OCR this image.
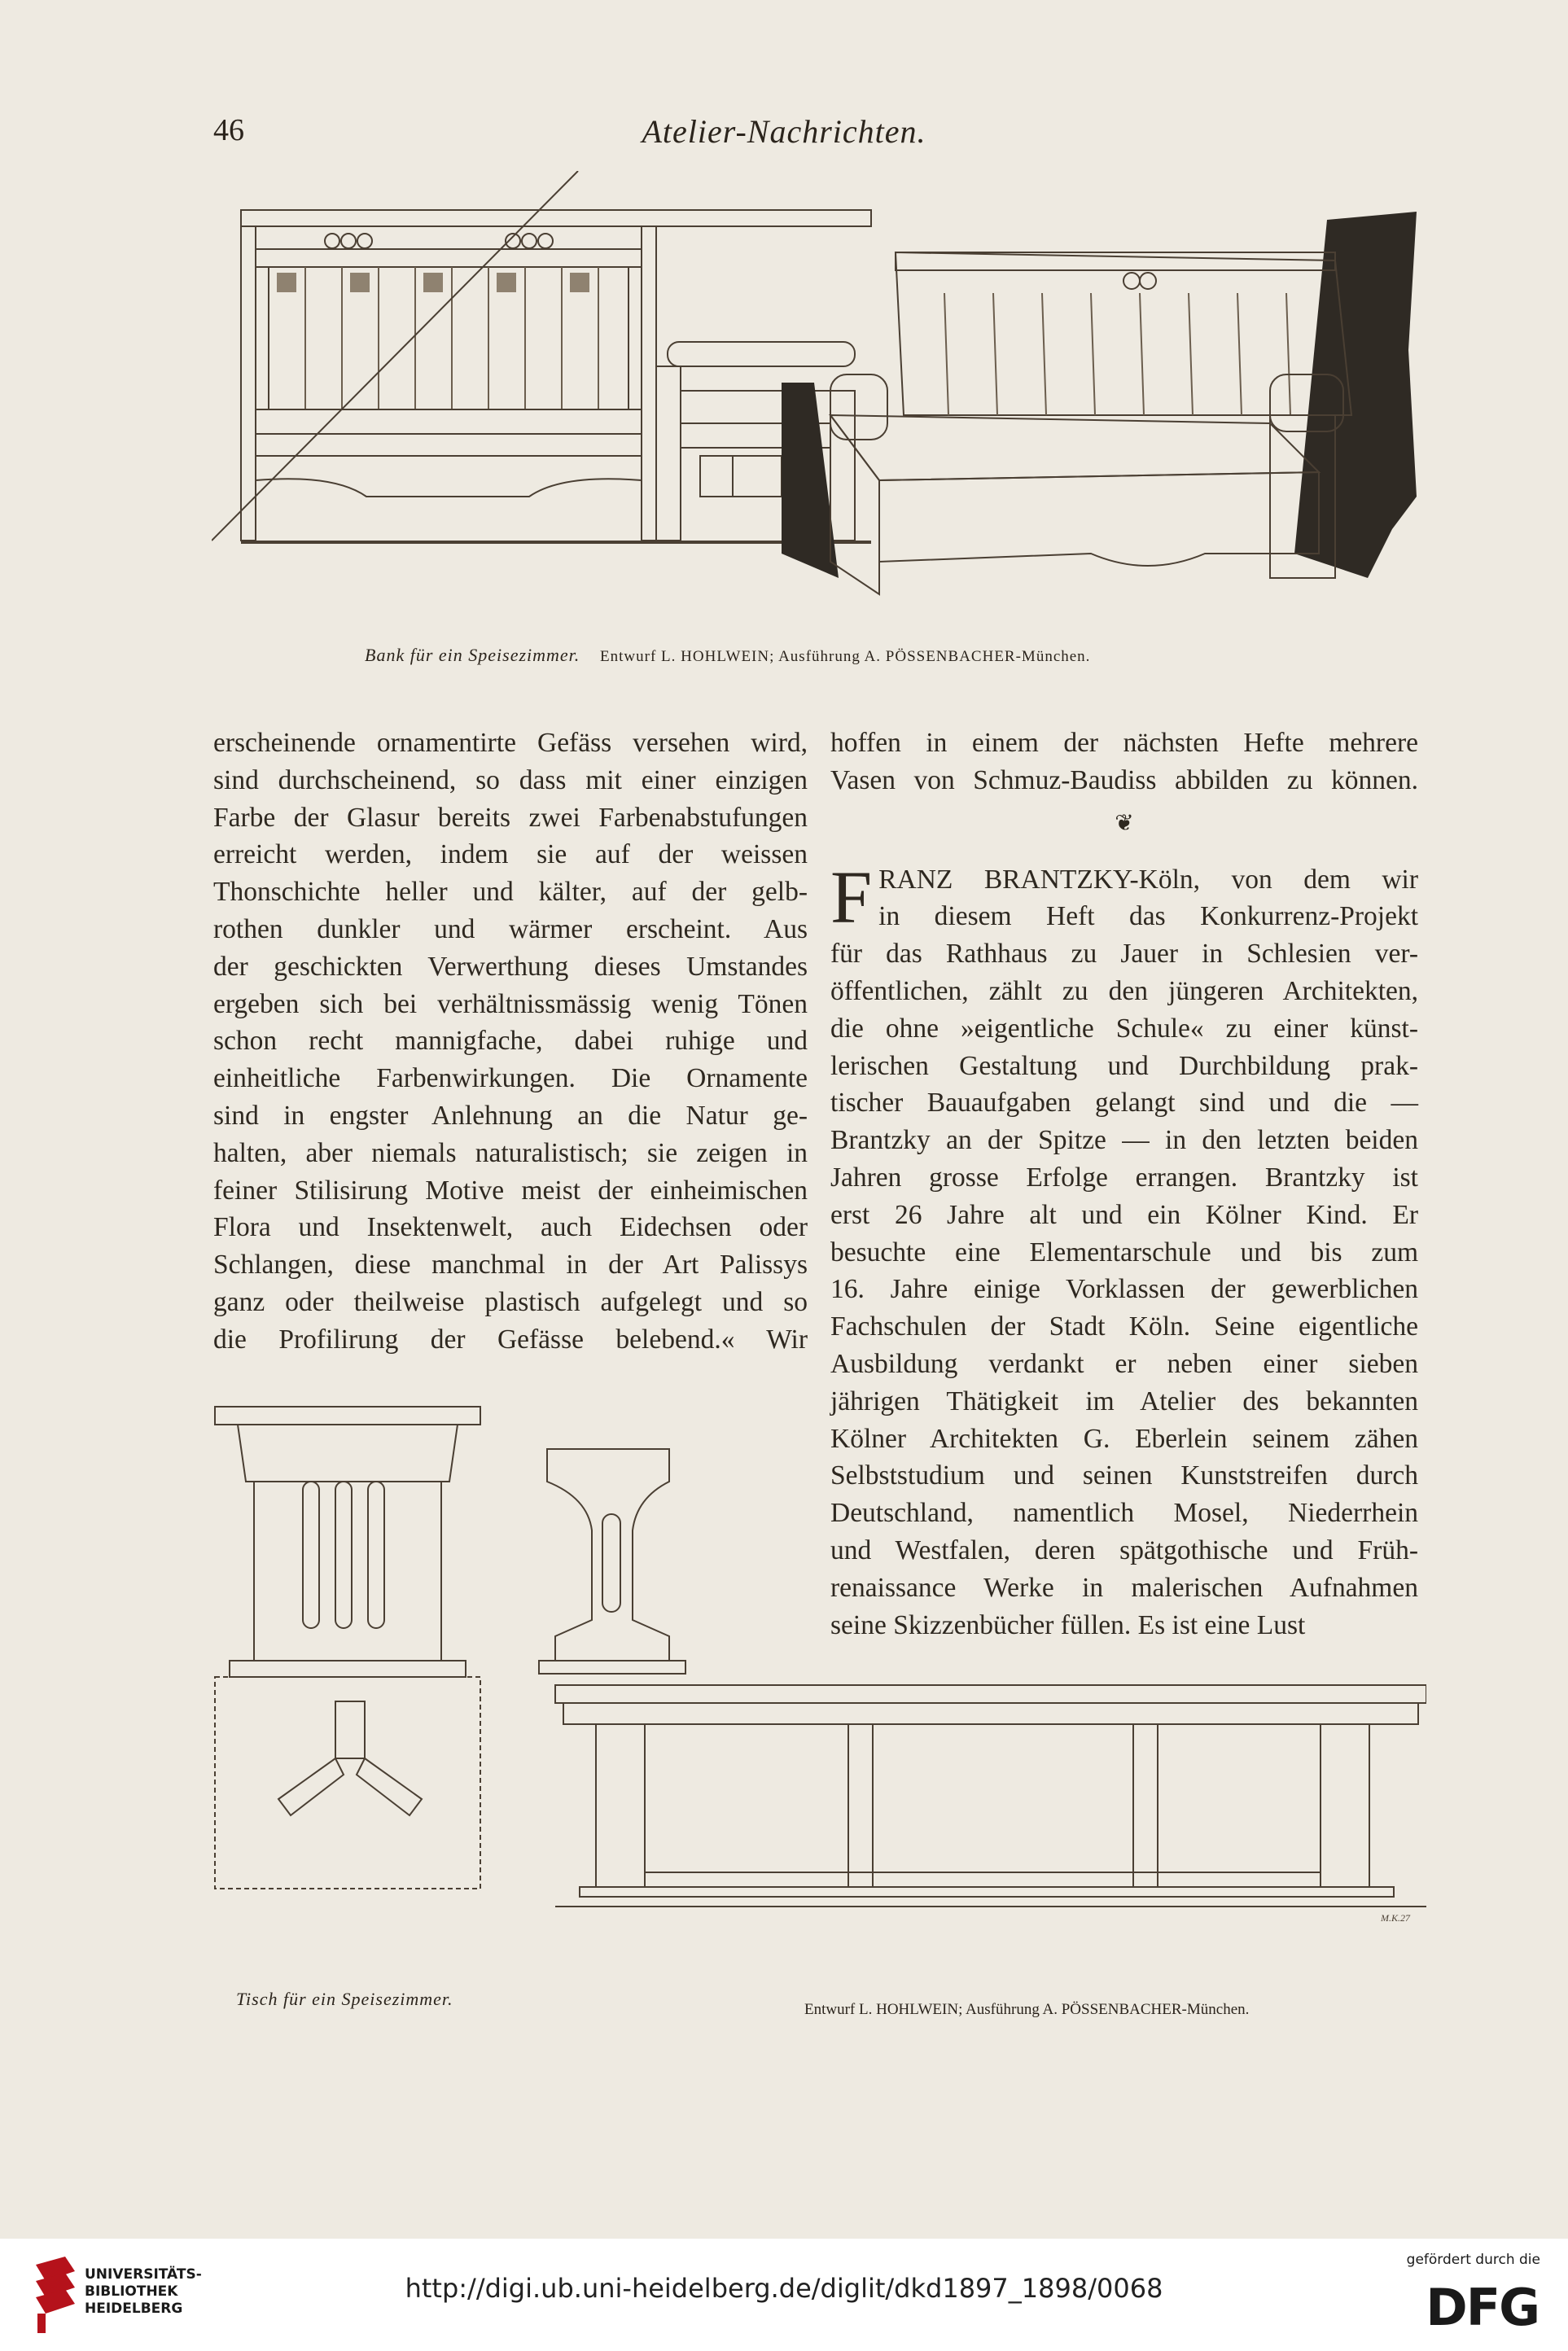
46	Atelier-Nachrichten.
Bank für ein Speisezimmer. Entwurf L. HOHLWEIN; Ausführung A. PÖSSENBACHER-München.
erscheinende ornamentirte Gefäss versehen wird,
sind durchscheinend, so dass mit einer einzigen
Farbe der Glasur bereits zwei Farbenabstufungen
erreicht werden, indem sie auf der weissen
Thonschichte heller und kälter, auf der gelb-
rothen dunkler und wärmer erscheint. Aus
der geschickten Verwerthung dieses Umstandes
ergeben sich bei verhältnissmässig wenig Tönen
schon recht mannigfache, dabei ruhige und
einheitliche Farbenwirkungen. Die Ornamente
sind in engster Anlehnung an die Natur ge-
halten, aber niemals naturalistisch; sie zeigen in
feiner Stilisirung Motive meist der einheimischen
Flora und Insektenwelt, auch Eidechsen oder
Schlangen, diese manchmal in der Art Palissys
ganz oder theilweise plastisch aufgelegt und so
die Profilirung der Gefässe belebend.« Wir
hoffen in einem der nächsten Hefte mehrere
Vasen von Schmuz-Baudiss abbilden zu können.
❦
F RANZ BRANTZKY-Köln, von dem wir
in diesem Heft das Konkurrenz-Projekt
für das Rathhaus zu Jauer in Schlesien ver-
öffentlichen, zählt zu den jüngeren Architekten,
die ohne »eigentliche Schule« zu einer künst-
lerischen Gestaltung und Durchbildung prak-
tischer Bauaufgaben gelangt sind und die —
Brantzky an der Spitze — in den letzten beiden
Jahren grosse Erfolge errangen. Brantzky ist
erst 26 Jahre alt und ein Kölner Kind. Er
besuchte eine Elementarschule und bis zum
16. Jahre einige Vorklassen der gewerblichen
Fachschulen der Stadt Köln. Seine eigentliche
Ausbildung verdankt er neben einer sieben
jährigen Thätigkeit im Atelier des bekannten
Kölner Architekten G. Eberlein seinem zähen
Selbststudium und seinen Kunststreifen durch
Deutschland, namentlich Mosel, Niederrhein
und Westfalen, deren spätgothische und Früh-
renaissance Werke in malerischen Aufnahmen
seine Skizzenbücher füllen. Es ist eine Lust
M.K.27
Tisch für ein Speisezimmer.
Entwurf L. HOHLWEIN; Ausführung A. PÖSSENBACHER-München.
UNIVERSITÄTS-
BIBLIOTHEK
HEIDELBERG
http://digi.ub.uni-heidelberg.de/diglit/dkd1897_1898/0068
gefördert durch die
DFG
